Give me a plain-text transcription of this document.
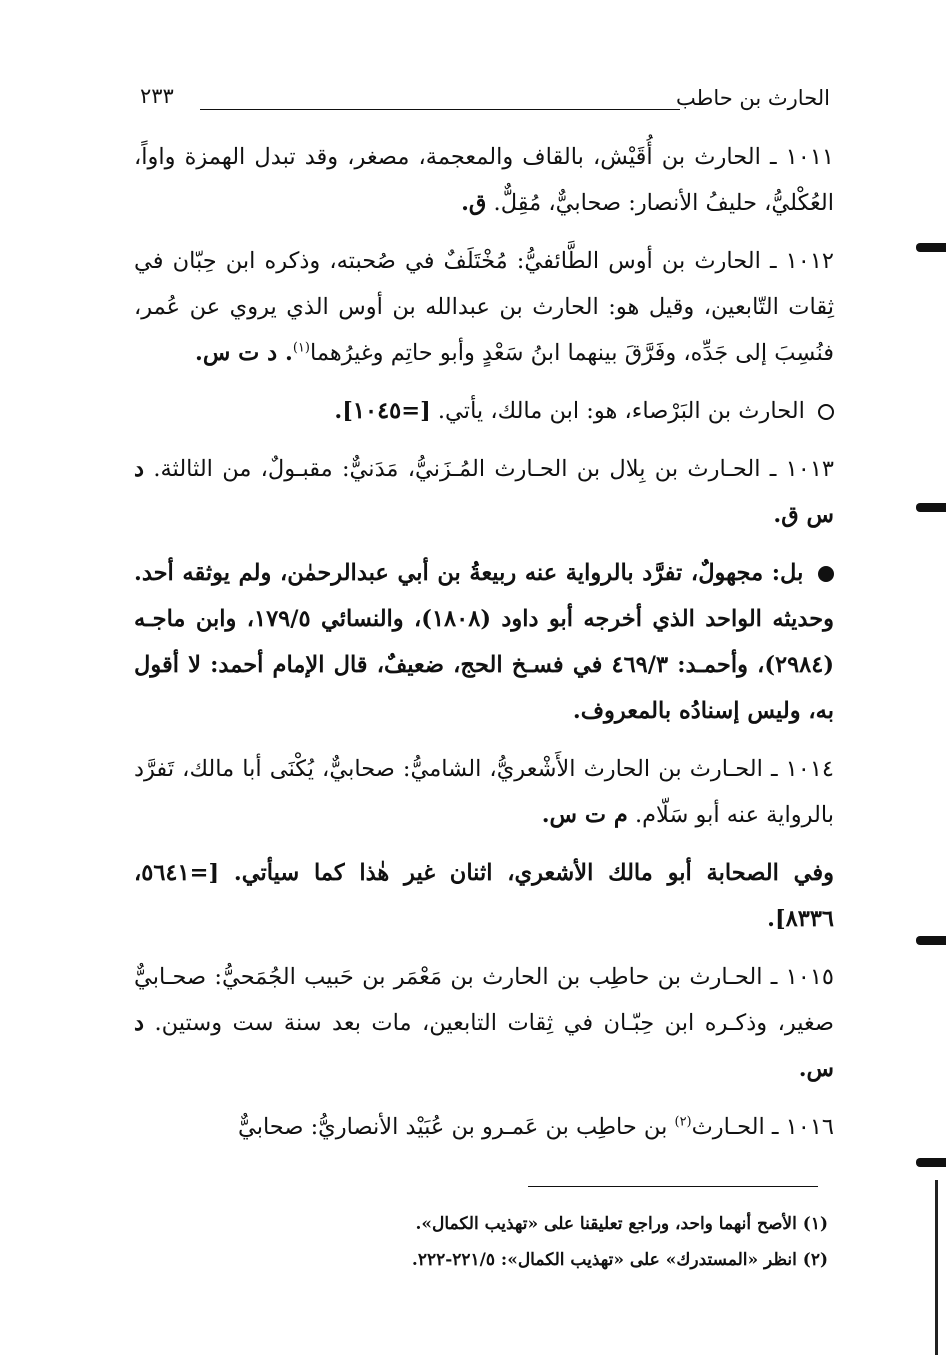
الحارث بن حاطب
٢٣٣

١٠١١ ـ الحارث بن أُقَيْش، بالقاف والمعجمة، مصغر، وقد تبدل الهمزة واواً، العُكْليُّ، حليفُ الأنصار: صحابيٌّ، مُقِلٌّ. ق.

١٠١٢ ـ الحارث بن أوس الطَّائفيُّ: مُخْتَلَفٌ في صُحبته، وذكره ابن حِبّان في ثِقات التّابعين، وقيل هو: الحارث بن عبدالله بن أوس الذي يروي عن عُمر، فنُسِبَ إلى جَدِّه، وفَرَّقَ بينهما ابنُ سَعْدٍ وأبو حاتِم وغيرُهما$^{(١)}$. د ت س.

الحارث بن البَرْصاء، هو: ابن مالك، يأتي. [=١٠٤٥].

١٠١٣ ـ الحـارث بن بِلال بن الحـارث المُـزَنيُّ، مَدَنيٌّ: مقبـولٌ، من الثالثة. د س ق.

بل: مجهولٌ، تفرَّد بالرواية عنه ربيعةُ بن أبي عبدالرحمٰن، ولم يوثقه أحد. وحديثه الواحد الذي أخرجه أبو داود (١٨٠٨)، والنسائي ١٧٩/٥، وابن ماجـه (٢٩٨٤)، وأحمـد: ٤٦٩/٣ في فسـخ الحج، ضعيفٌ، قال الإمام أحمد: لا أقول به، وليس إسنادُه بالمعروف.

١٠١٤ ـ الحـارث بن الحارث الأَشْعريُّ، الشاميُّ: صحابيٌّ، يُكْنَى أبا مالك، تَفرَّد بالرواية عنه أبو سَلّام. م ت س.

وفي الصحابة أبو مالك الأشعري، اثنان غير هٰذا كما سيأتي. [=٥٦٤١، ٨٣٣٦].

١٠١٥ ـ الحـارث بن حاطِب بن الحارث بن مَعْمَر بن حَبيب الجُمَحيُّ: صحـابيٌّ صغير، وذكـره ابن حِبّـان في ثِقات التابعين، مات بعد سنة ست وستين. د س.

١٠١٦ ـ الحـارث$^{(٢)}$ بن حاطِب بن عَمـرو بن عُبَيْد الأنصاريُّ: صحابيٌّ

(١) الأصح أنهما واحد، وراجع تعليقنا على «تهذيب الكمال».

(٢) انظر «المستدرك» على «تهذيب الكمال»: ٢٢١/٥-٢٢٢.
